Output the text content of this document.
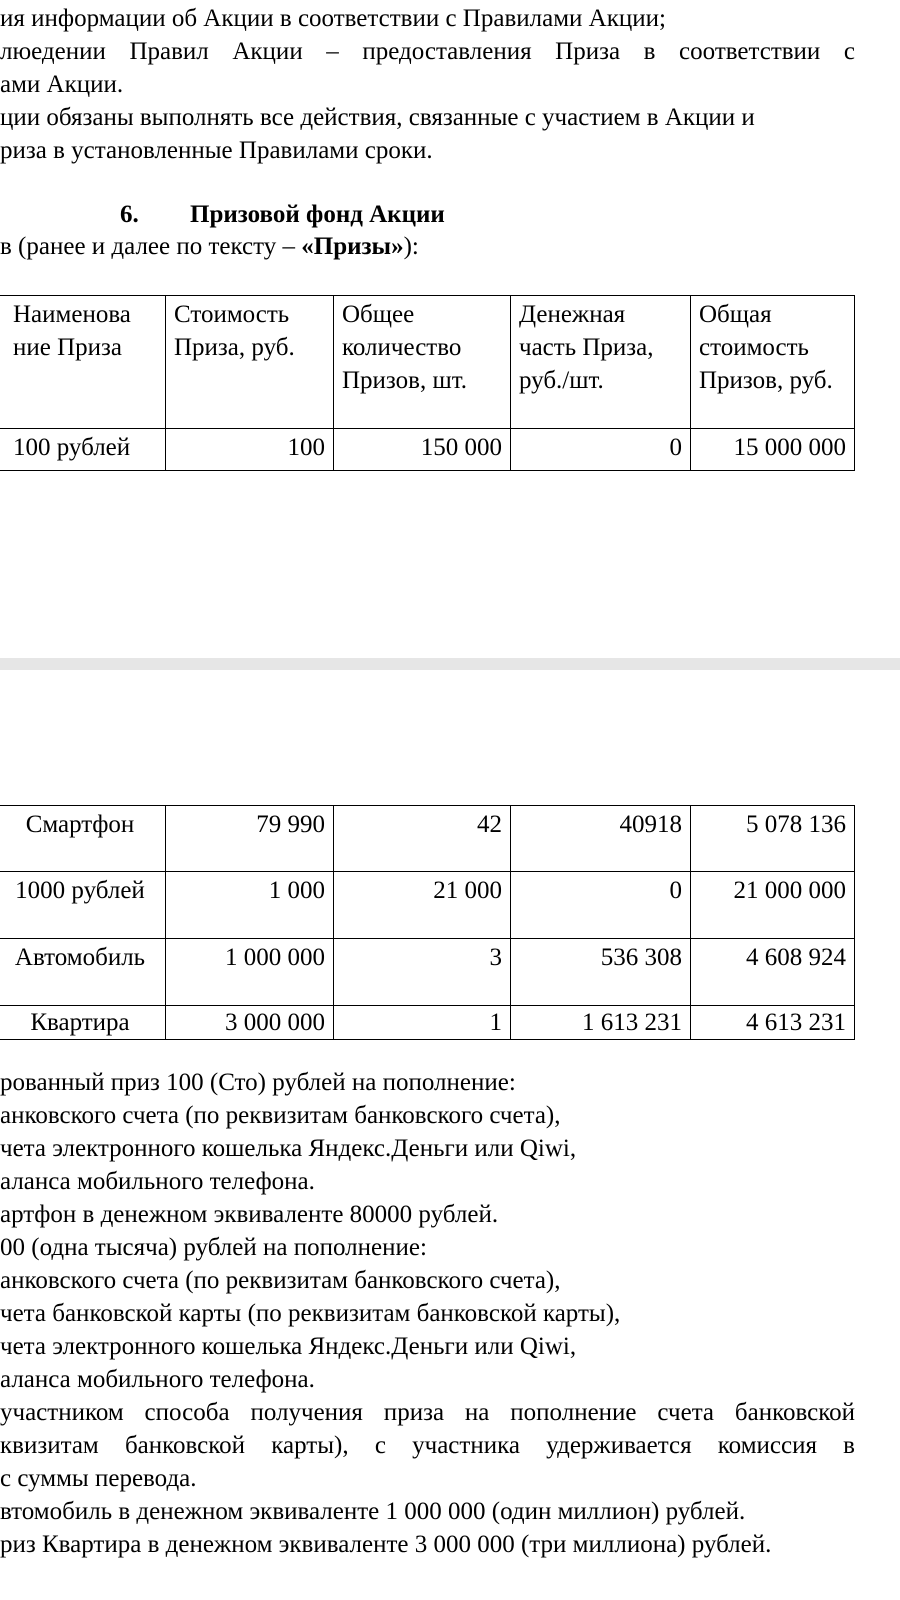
ия информации об Акции в соответствии с Правилами Акции;
люедении Правил Акции – предоставления Приза в соответствии с
ами Акции.
ции обязаны выполнять все действия, связанные с участием в Акции и
риза в установленные Правилами сроки.
6. Призовой фонд Акции
в (ранее и далее по тексту – «Призы»):
Наименова ние Приза	Стоимость Приза, руб.	Общее количество Призов, шт.	Денежная часть Приза, руб./шт.	Общая стоимость Призов, руб.
100 рублей	100	150 000	0	15 000 000
Смартфон	79 990	42	40918	5 078 136
1000 рублей	1 000	21 000	0	21 000 000
Автомобиль	1 000 000	3	536 308	4 608 924
Квартира	3 000 000	1	1 613 231	4 613 231
рованный приз 100 (Сто) рублей на пополнение:
анковского счета (по реквизитам банковского счета),
чета электронного кошелька Яндекс.Деньги или Qiwi,
аланса мобильного телефона.
артфон в денежном эквиваленте 80000 рублей.
00 (одна тысяча) рублей на пополнение:
анковского счета (по реквизитам банковского счета),
чета банковской карты (по реквизитам банковской карты),
чета электронного кошелька Яндекс.Деньги или Qiwi,
аланса мобильного телефона.
участником способа получения приза на пополнение счета банковской
квизитам банковской карты), с участника удерживается комиссия в
с суммы перевода.
втомобиль в денежном эквиваленте 1 000 000 (один миллион) рублей.
риз Квартира в денежном эквиваленте 3 000 000 (три миллиона) рублей.
